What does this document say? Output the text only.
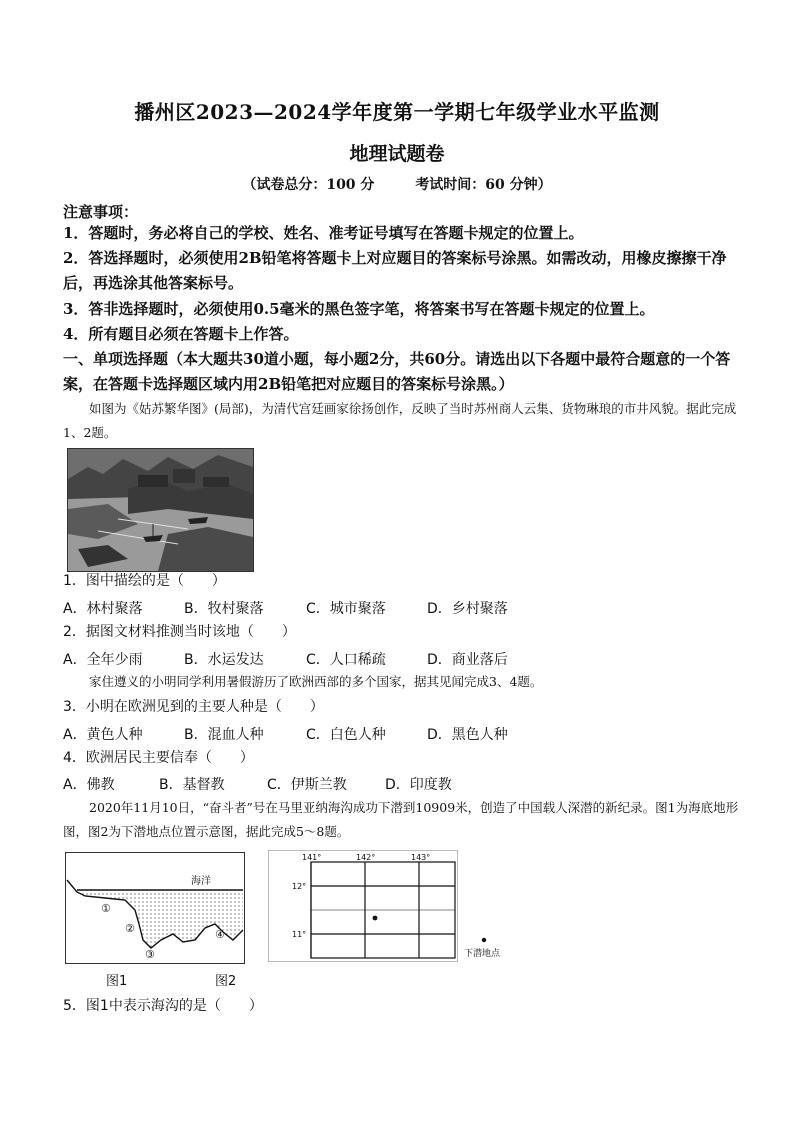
播州区2023—2024学年度第一学期七年级学业水平监测
地理试题卷
（试卷总分：100 分	考试时间：60 分钟）
注意事项：
1．答题时，务必将自己的学校、姓名、准考证号填写在答题卡规定的位置上。
2．答选择题时，必须使用2B铅笔将答题卡上对应题目的答案标号涂黑。如需改动，用橡皮擦擦干净后，再选涂其他答案标号。
3．答非选择题时，必须使用0.5毫米的黑色签字笔，将答案书写在答题卡规定的位置上。
4．所有题目必须在答题卡上作答。
一、单项选择题（本大题共30道小题，每小题2分，共60分。请选出以下各题中最符合题意的一个答案，在答题卡选择题区域内用2B铅笔把对应题目的答案标号涂黑。）
如图为《姑苏繁华图》(局部)，为清代宫廷画家徐扬创作，反映了当时苏州商人云集、货物琳琅的市井风貌。据此完成1、2题。
1．图中描绘的是（　　）
A．林村聚落	B．牧村聚落	C．城市聚落	D．乡村聚落
2．据图文材料推测当时该地（　　）
A．全年少雨	B．水运发达	C．人口稀疏	D．商业落后
家住遵义的小明同学利用暑假游历了欧洲西部的多个国家，据其见闻完成3、4题。
3．小明在欧洲见到的主要人种是（　　）
A．黄色人种	B．混血人种	C．白色人种	D．黑色人种
4．欧洲居民主要信奉（　　）
A．佛教	B．基督教	C．伊斯兰教	D．印度教
2020年11月10日，“奋斗者”号在马里亚纳海沟成功下潜到10909米，创造了中国载人深潜的新纪录。图1为海底地形图，图2为下潜地点位置示意图，据此完成5～8题。
海洋
①
②
③
④
141°	142°	143°
12°
11°
下潜地点
图1	图2
5．图1中表示海沟的是（　　）
